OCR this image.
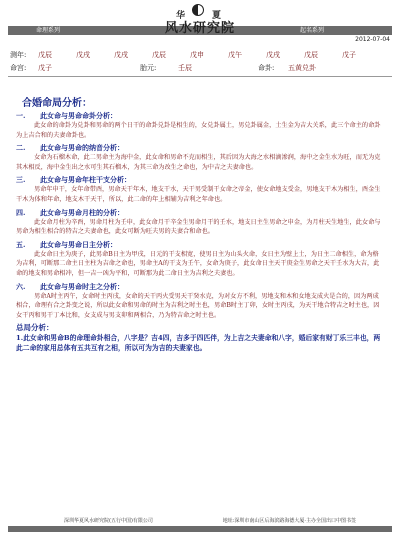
华	夏
命理系列	起名系列
风水研究院
2012-07-04
测年: 戊辰	戊戌	戊戌	戊辰	戊申	戊午	戊戌	戊辰	戊子
命宫: 戊子	胎元:	壬辰	命卦: 五黄兑卦
合婚命局分析：
一. 此女命与男命命卦分析：
此女命的命卦为兑卦和男命的两个日干的命卦兑卦是相生的，女兑卦属土，男兑卦属金，土生金为吉大关系，此三个命主的命卦为上吉合和的夫妻命卦也。
二. 此女命与男命的纳音分析：
女命为石榴木命，此二男命主为海中金，此女命和男命不克而相生，其后因为大海之水相滴渗润，海中之金生水为旺，而无为克其木相反，海中金生出之水可生其石榴木，为其三命为改生之命也，为中吉之夫妻命也。
三. 此女命与男命年柱干支分析：
男命年申干，女年命带酉，男命天干年木，地支干水，天干男受制干女命之帝金，使女命地支受金，男地支干木为相生，酉金生干木为体和年命，地支木干天干，所以，此二命的年上相辅为吉利之年命也。
四. 此女命与男命月柱的分析：
此女命月柱为辛酉，男命月柱为壬申，此女命月干辛金生男命月干的壬水，地支日主生男命之申金，为月柱天生地生，此女命与男命为相生相合的特吉之夫妻命也，此女可断为旺夫男的夫妻合和命也。
五. 此女命与男命日主分析：
此女命日主为庚子，此男命B日主为甲戌，日元的干支相宽，使男日主为山头火命，女日主为壁上土，为日主二命相生，命为格为吉利，可断那二命主日主柱为吉命之命也，男命主A的干支为壬午，女命为庚子，此女命日主天干庚金生男命之天干壬水为大吉，此命的地支和男命相冲，但一吉一凶为平和，可断那为此二命日主为吉利之夫妻也。
六. 此女命与男命时主之分析：
男命A时主丙午，女命时主丙戌，女命的天干丙火受男天干癸水克，为对女方不利，男地支和木和女地支成火是合的，因为两成相合，命理有合之卦变之说，所以此女命和男命的时主为吉利之时主也，男命B时主丁卯，女时主丙戌，为天干地合特吉之时主也，因女干丙和男干丁本比和，女支成与男支卯和两相合，乃为特吉命之时主也。
总局分析：
1.此女命和男命B的命理命卦相合，八字是？吉4四，吉多于四匹伴，为上吉之夫妻命和八字，婚后家有财丁乐三丰也，两此二命的家用总体有五共互有之相，所以可为为吉的夫妻家也。
深圳华夏风水研究院(五行中国)有限公司	地址:深圳市南山区后海滨路海德大厦·主办全国出口中图书签
